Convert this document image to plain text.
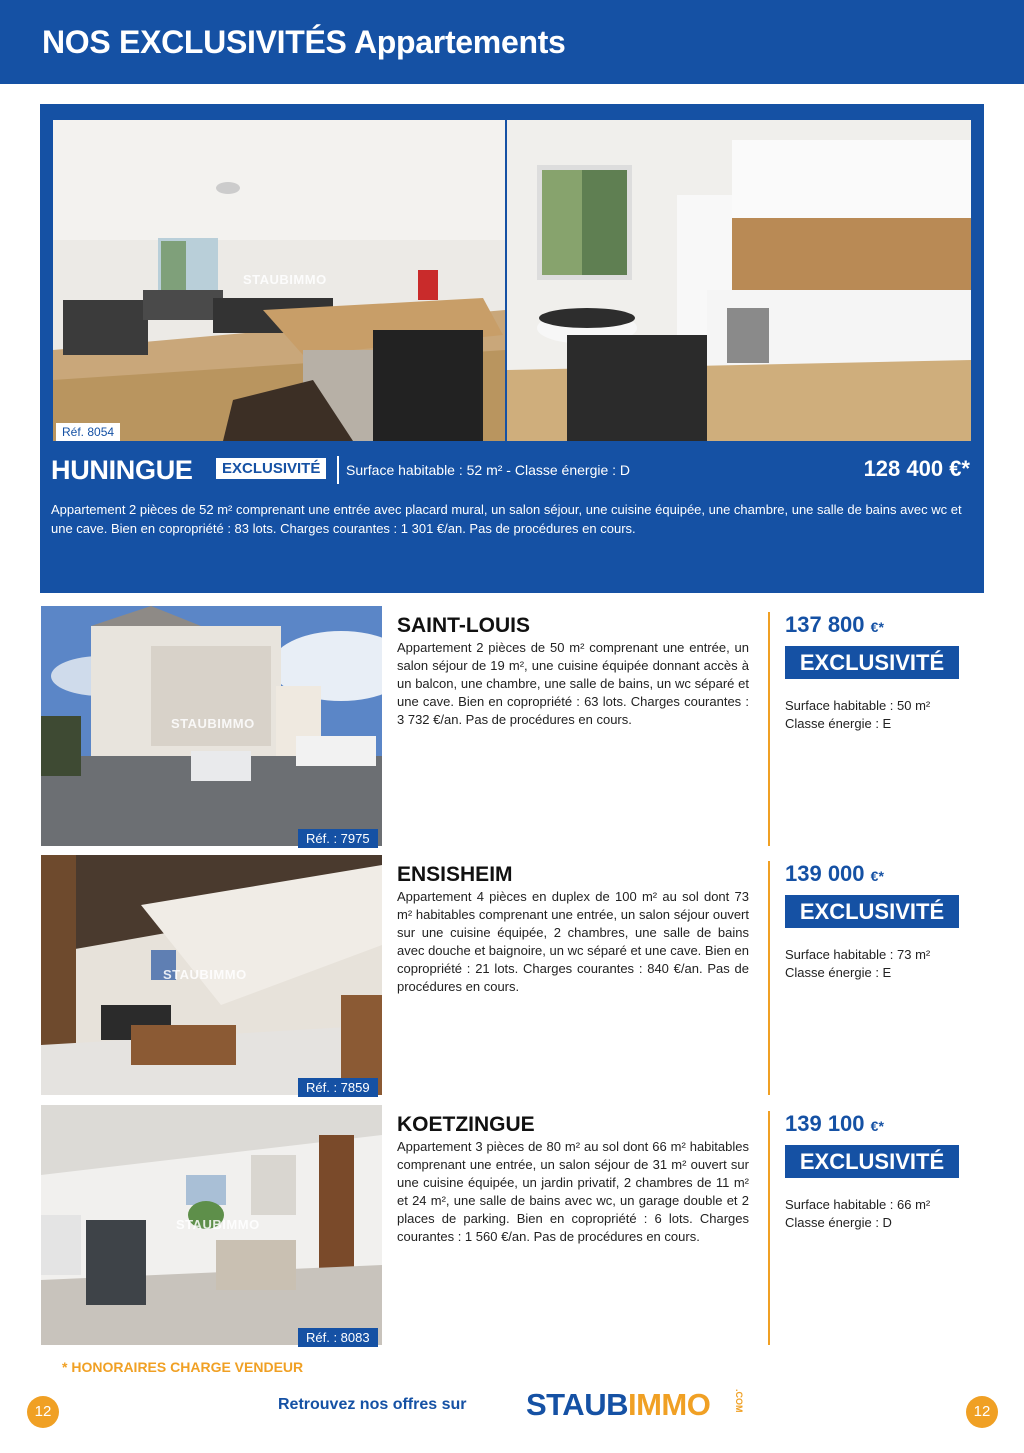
NOS EXCLUSIVITÉS Appartements
STAUBIMMO
Réf. 8054
HUNINGUE	EXCLUSIVITÉ	Surface habitable : 52 m² - Classe énergie : D	128 400 €*
Appartement 2 pièces de 52 m² comprenant une entrée avec placard mural, un salon séjour, une cuisine équipée, une chambre, une salle de bains avec wc et une cave. Bien en copropriété : 83 lots. Charges courantes : 1 301 €/an. Pas de procédures en cours.
STAUBIMMO
Réf. : 7975
SAINT-LOUIS
Appartement 2 pièces de 50 m² comprenant une entrée, un salon séjour de 19 m², une cuisine équipée donnant accès à un balcon, une chambre, une salle de bains, un wc séparé et une cave. Bien en copropriété : 63 lots. Charges courantes : 3 732 €/an. Pas de procédures en cours.
137 800 €*
EXCLUSIVITÉ
Surface habitable : 50 m²
Classe énergie : E
STAUBIMMO
Réf. : 7859
ENSISHEIM
Appartement 4 pièces en duplex de 100 m² au sol dont 73 m² habitables comprenant une entrée, un salon séjour ouvert sur une cuisine équipée, 2 chambres, une salle de bains avec douche et baignoire, un wc séparé et une cave. Bien en copropriété : 21 lots. Charges courantes : 840 €/an. Pas de procédures en cours.
139 000 €*
EXCLUSIVITÉ
Surface habitable : 73 m²
Classe énergie : E
STAUBIMMO
Réf. : 8083
KOETZINGUE
Appartement 3 pièces de 80 m² au sol dont 66 m² habitables comprenant une entrée, un salon séjour de 31 m² ouvert sur une cuisine équipée, un jardin privatif, 2 chambres de 11 m² et 24 m², une salle de bains avec wc, un garage double et 2 places de parking. Bien en copropriété : 6 lots. Charges courantes : 1 560 €/an. Pas de procédures en cours.
139 100 €*
EXCLUSIVITÉ
Surface habitable : 66 m²
Classe énergie : D
* HONORAIRES CHARGE VENDEUR
12	Retrouvez nos offres sur STAUBIMMO	.COM	12
